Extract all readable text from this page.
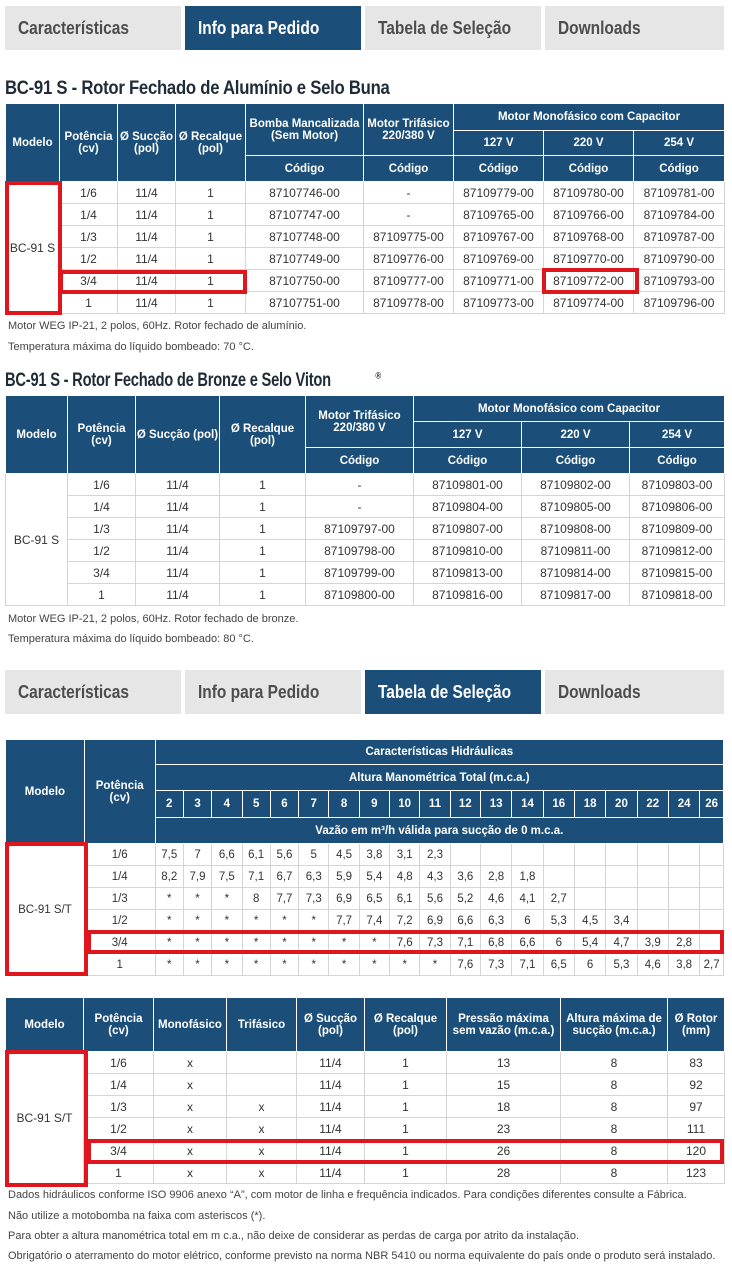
Características	Info para Pedido	Tabela de Seleção	Downloads
BC-91 S - Rotor Fechado de Alumínio e Selo Buna
Modelo	Potência (cv)	Ø Sucção (pol)	Ø Recalque (pol)	Bomba Mancalizada (Sem Motor)	Motor Trifásico 220/380 V	Motor Monofásico com Capacitor		
						127 V	220 V	254 V
				Código	Código	Código	Código	Código
BC-91 S	1/6	11/4	1	87107746-00	-	87109779-00	87109780-00	87109781-00
	1/4	11/4	1	87107747-00	-	87109765-00	87109766-00	87109784-00
	1/3	11/4	1	87107748-00	87109775-00	87109767-00	87109768-00	87109787-00
	1/2	11/4	1	87107749-00	87109776-00	87109769-00	87109770-00	87109790-00
	3/4	11/4	1	87107750-00	87109777-00	87109771-00	87109772-00	87109793-00
	1	11/4	1	87107751-00	87109778-00	87109773-00	87109774-00	87109796-00
Motor WEG IP-21, 2 polos, 60Hz. Rotor fechado de alumínio.
Temperatura máxima do líquido bombeado: 70 °C.
BC-91 S - Rotor Fechado de Bronze e Selo Viton	®
Modelo	Potência (cv)	Ø Sucção (pol)	Ø Recalque (pol)	Motor Trifásico 220/380 V	Motor Monofásico com Capacitor		
					127 V	220 V	254 V
				Código	Código	Código	Código
BC-91 S	1/6	11/4	1	-	87109801-00	87109802-00	87109803-00
	1/4	11/4	1	-	87109804-00	87109805-00	87109806-00
	1/3	11/4	1	87109797-00	87109807-00	87109808-00	87109809-00
	1/2	11/4	1	87109798-00	87109810-00	87109811-00	87109812-00
	3/4	11/4	1	87109799-00	87109813-00	87109814-00	87109815-00
	1	11/4	1	87109800-00	87109816-00	87109817-00	87109818-00
Motor WEG IP-21, 2 polos, 60Hz. Rotor fechado de bronze.
Temperatura máxima do líquido bombeado: 80 °C.
Características	Info para Pedido	Tabela de Seleção	Downloads
Modelo	Potência (cv)	Características Hidráulicas																		
		Altura Manométrica Total (m.c.a.)																		
		2	3	4	5	6	7	8	9	10	11	12	13	14	16	18	20	22	24	26
		Vazão em m³/h válida para sucção de 0 m.c.a.																		
BC-91 S/T	1/6	7,5	7	6,6	6,1	5,6	5	4,5	3,8	3,1	2,3									
	1/4	8,2	7,9	7,5	7,1	6,7	6,3	5,9	5,4	4,8	4,3	3,6	2,8	1,8						
	1/3	*	*	*	8	7,7	7,3	6,9	6,5	6,1	5,6	5,2	4,6	4,1	2,7					
	1/2	*	*	*	*	*	*	7,7	7,4	7,2	6,9	6,6	6,3	6	5,3	4,5	3,4			
	3/4	*	*	*	*	*	*	*	*	7,6	7,3	7,1	6,8	6,6	6	5,4	4,7	3,9	2,8	
	1	*	*	*	*	*	*	*	*	*	*	7,6	7,3	7,1	6,5	6	5,3	4,6	3,8	2,7
Modelo	Potência (cv)	Monofásico	Trifásico	Ø Sucção (pol)	Ø Recalque (pol)	Pressão máxima sem vazão (m.c.a.)	Altura máxima de sucção (m.c.a.)	Ø Rotor (mm)
BC-91 S/T	1/6	x		11/4	1	13	8	83
	1/4	x		11/4	1	15	8	92
	1/3	x	x	11/4	1	18	8	97
	1/2	x	x	11/4	1	23	8	111
	3/4	x	x	11/4	1	26	8	120
	1	x	x	11/4	1	28	8	123
Dados hidráulicos conforme ISO 9906 anexo “A”, com motor de linha e frequência indicados. Para condições diferentes consulte a Fábrica.
Não utilize a motobomba na faixa com asteriscos (*).
Para obter a altura manométrica total em m c.a., não deixe de considerar as perdas de carga por atrito da instalação.
Obrigatório o aterramento do motor elétrico, conforme previsto na norma NBR 5410 ou norma equivalente do país onde o produto será instalado.
